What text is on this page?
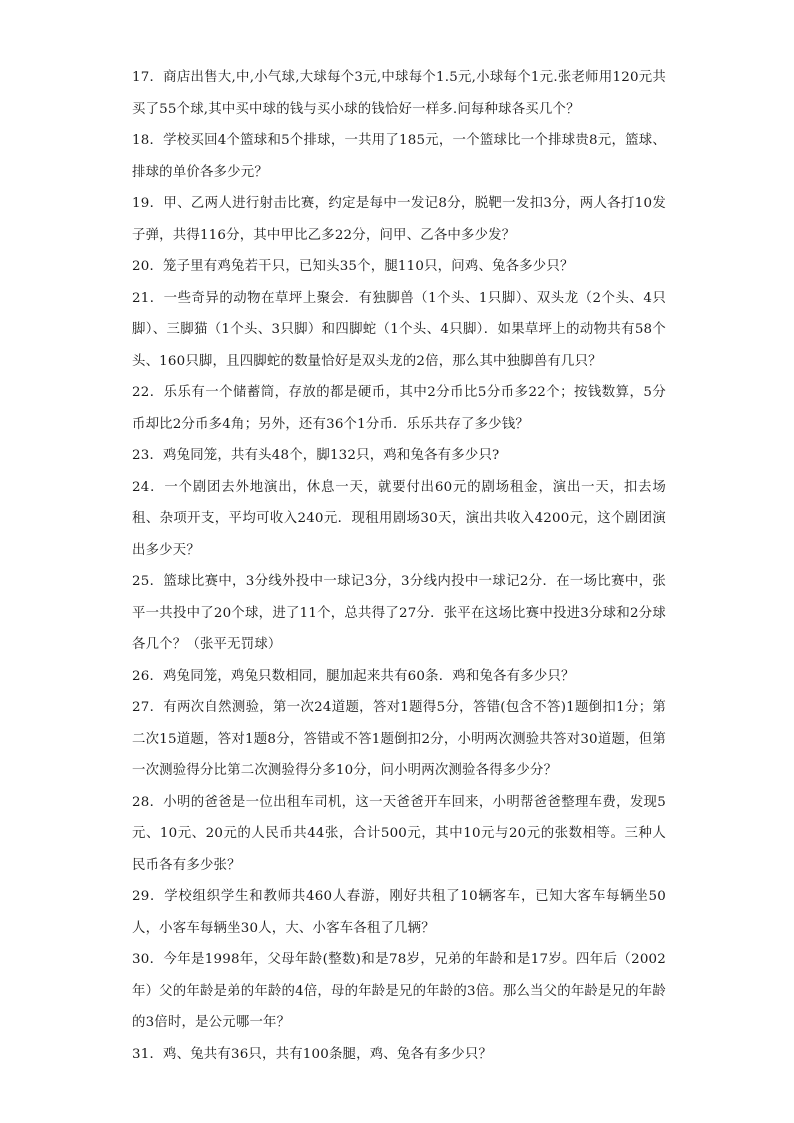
17．商店出售大,中,小气球,大球每个3元,中球每个1.5元,小球每个1元.张老师用120元共买了55个球,其中买中球的钱与买小球的钱恰好一样多.问每种球各买几个？

18．学校买回4个篮球和5个排球，一共用了185元，一个篮球比一个排球贵8元，篮球、排球的单价各多少元？

19．甲、乙两人进行射击比赛，约定是每中一发记8分，脱靶一发扣3分，两人各打10发子弹，共得116分，其中甲比乙多22分，问甲、乙各中多少发？

20．笼子里有鸡兔若干只，已知头35个，腿110只，问鸡、兔各多少只？

21．一些奇异的动物在草坪上聚会．有独脚兽（1个头、1只脚）、双头龙（2个头、4只脚）、三脚猫（1个头、3只脚）和四脚蛇（1个头、4只脚）．如果草坪上的动物共有58个头、160只脚，且四脚蛇的数量恰好是双头龙的2倍，那么其中独脚兽有几只？

22．乐乐有一个储蓄筒，存放的都是硬币，其中2分币比5分币多22个；按钱数算，5分币却比2分币多4角；另外，还有36个1分币．乐乐共存了多少钱？

23．鸡兔同笼，共有头48个，脚132只，鸡和兔各有多少只?

24．一个剧团去外地演出，休息一天，就要付出60元的剧场租金，演出一天，扣去场租、杂项开支，平均可收入240元．现租用剧场30天，演出共收入4200元，这个剧团演出多少天？

25．篮球比赛中，3分线外投中一球记3分，3分线内投中一球记2分．在一场比赛中，张平一共投中了20个球，进了11个，总共得了27分．张平在这场比赛中投进3分球和2分球各几个？（张平无罚球）

26．鸡兔同笼，鸡兔只数相同，腿加起来共有60条．鸡和兔各有多少只？

27．有两次自然测验，第一次24道题，答对1题得5分，答错(包含不答)1题倒扣1分；第二次15道题，答对1题8分，答错或不答1题倒扣2分，小明两次测验共答对30道题，但第一次测验得分比第二次测验得分多10分，问小明两次测验各得多少分？

28．小明的爸爸是一位出租车司机，这一天爸爸开车回来，小明帮爸爸整理车费，发现5元、10元、20元的人民币共44张，合计500元，其中10元与20元的张数相等。三种人民币各有多少张？

29．学校组织学生和教师共460人春游，刚好共租了10辆客车，已知大客车每辆坐50人，小客车每辆坐30人，大、小客车各租了几辆？

30．今年是1998年，父母年龄(整数)和是78岁，兄弟的年龄和是17岁。四年后（2002年）父的年龄是弟的年龄的4倍，母的年龄是兄的年龄的3倍。那么当父的年龄是兄的年龄的3倍时，是公元哪一年？

31．鸡、兔共有36只，共有100条腿，鸡、兔各有多少只？
